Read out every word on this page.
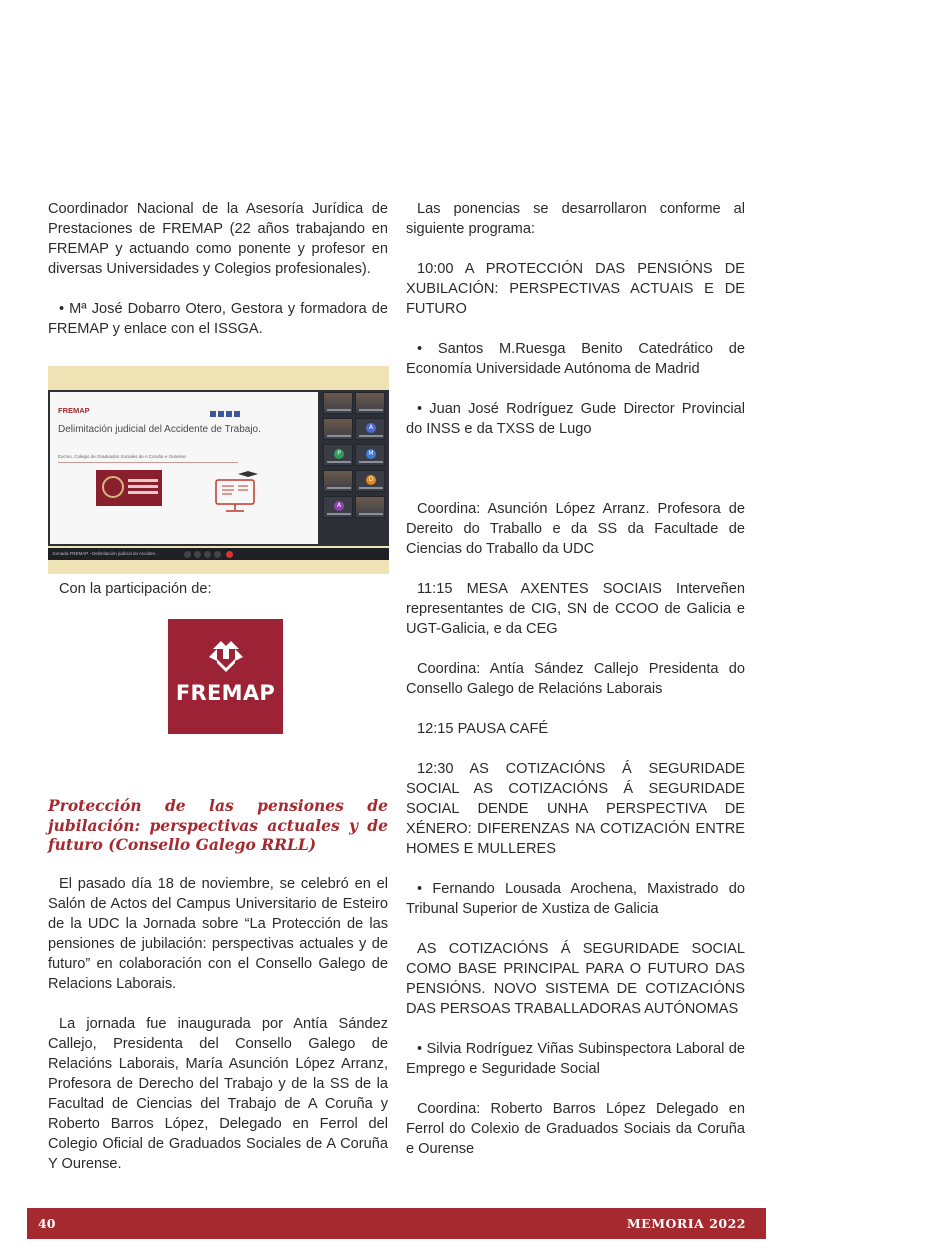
Coordinador Nacional de la Asesoría Jurídica de Prestaciones de FREMAP (22 años trabajando en FREMAP y actuando como ponente y profesor en diversas Universidades y Colegios profesionales).

• Mª José Dobarro Otero, Gestora y formadora de FREMAP y enlace con el ISSGA.

FREMAP
Delimitación judicial del Accidente de Trabajo.
Excmo. Colegio de Graduados Sociales de A Coruña e Ourense
A
P	M
D
A
Jornada FREMAP - Delimitación judicial do Acciden...
Con la participación de:
FREMAP
Protección de las pensiones de jubilación: perspectivas actuales y de futuro (Consello Galego RRLL)

El pasado día 18 de noviembre, se celebró en el Salón de Actos del Campus Universitario de Esteiro de la UDC la Jornada sobre “La Protección de las pensiones de jubilación: perspectivas actuales y de futuro” en colaboración con el Consello Galego de Relacions Laborais.

La jornada fue inaugurada por Antía Sández Callejo, Presidenta del Consello Galego de Relacións Laborais, María Asunción López Arranz, Profesora de Derecho del Trabajo y de la SS de la Facultad de Ciencias del Trabajo de A Coruña y Roberto Barros López, Delegado en Ferrol del Colegio Oficial de Graduados Sociales de A Coruña Y Ourense.

Las ponencias se desarrollaron conforme al siguiente programa:

10:00 A PROTECCIÓN DAS PENSIÓNS DE XUBILACIÓN: PERSPECTIVAS ACTUAIS E DE FUTURO

• Santos M.Ruesga Benito Catedrático de Economía Universidade Autónoma de Madrid

• Juan José Rodríguez Gude Director Provincial do INSS e da TXSS de Lugo

Coordina: Asunción López Arranz. Profesora de Dereito do Traballo e da SS da Facultade de Ciencias do Traballo da UDC

11:15 MESA AXENTES SOCIAIS Interveñen representantes de CIG, SN de CCOO de Galicia e UGT-Galicia, e da CEG

Coordina: Antía Sández Callejo Presidenta do Consello Galego de Relacións Laborais

12:15 PAUSA CAFÉ

12:30 AS COTIZACIÓNS Á SEGURIDADE SOCIAL AS COTIZACIÓNS Á SEGURIDADE SOCIAL DENDE UNHA PERSPECTIVA DE XÉNERO: DIFERENZAS NA COTIZACIÓN ENTRE HOMES E MULLERES

• Fernando Lousada Arochena, Maxistrado do Tribunal Superior de Xustiza de Galicia

AS COTIZACIÓNS Á SEGURIDADE SOCIAL COMO BASE PRINCIPAL PARA O FUTURO DAS PENSIÓNS. NOVO SISTEMA DE COTIZACIÓNS DAS PERSOAS TRABALLADORAS AUTÓNOMAS

• Silvia Rodríguez Viñas Subinspectora Laboral de Emprego e Seguridade Social

Coordina: Roberto Barros López Delegado en Ferrol do Colexio de Graduados Sociais da Coruña e Ourense

40	MEMORIA 2022
